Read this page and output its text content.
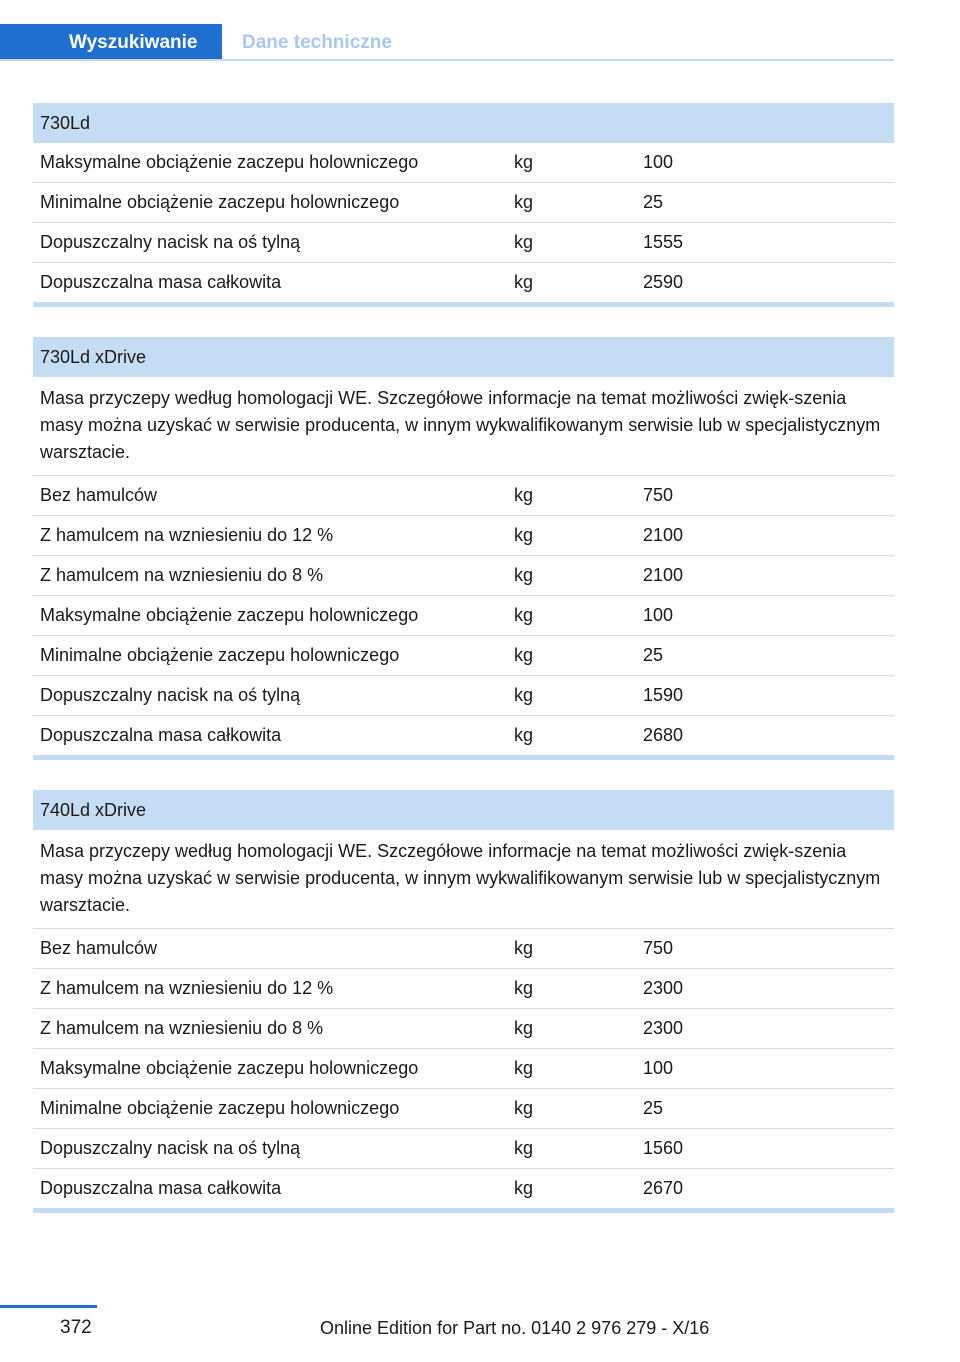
Wyszukiwanie	Dane techniczne
730Ld
Maksymalne obciążenie zaczepu holowniczego	kg	100
Minimalne obciążenie zaczepu holowniczego	kg	25
Dopuszczalny nacisk na oś tylną	kg	1555
Dopuszczalna masa całkowita	kg	2590
730Ld xDrive
Masa przyczepy według homologacji WE. Szczegółowe informacje na temat możliwości zwięk-szenia masy można uzyskać w serwisie producenta, w innym wykwalifikowanym serwisie lub w specjalistycznym warsztacie.
Bez hamulców	kg	750
Z hamulcem na wzniesieniu do 12 %	kg	2100
Z hamulcem na wzniesieniu do 8 %	kg	2100
Maksymalne obciążenie zaczepu holowniczego	kg	100
Minimalne obciążenie zaczepu holowniczego	kg	25
Dopuszczalny nacisk na oś tylną	kg	1590
Dopuszczalna masa całkowita	kg	2680
740Ld xDrive
Masa przyczepy według homologacji WE. Szczegółowe informacje na temat możliwości zwięk-szenia masy można uzyskać w serwisie producenta, w innym wykwalifikowanym serwisie lub w specjalistycznym warsztacie.
Bez hamulców	kg	750
Z hamulcem na wzniesieniu do 12 %	kg	2300
Z hamulcem na wzniesieniu do 8 %	kg	2300
Maksymalne obciążenie zaczepu holowniczego	kg	100
Minimalne obciążenie zaczepu holowniczego	kg	25
Dopuszczalny nacisk na oś tylną	kg	1560
Dopuszczalna masa całkowita	kg	2670
372	Online Edition for Part no. 0140 2 976 279 - X/16
